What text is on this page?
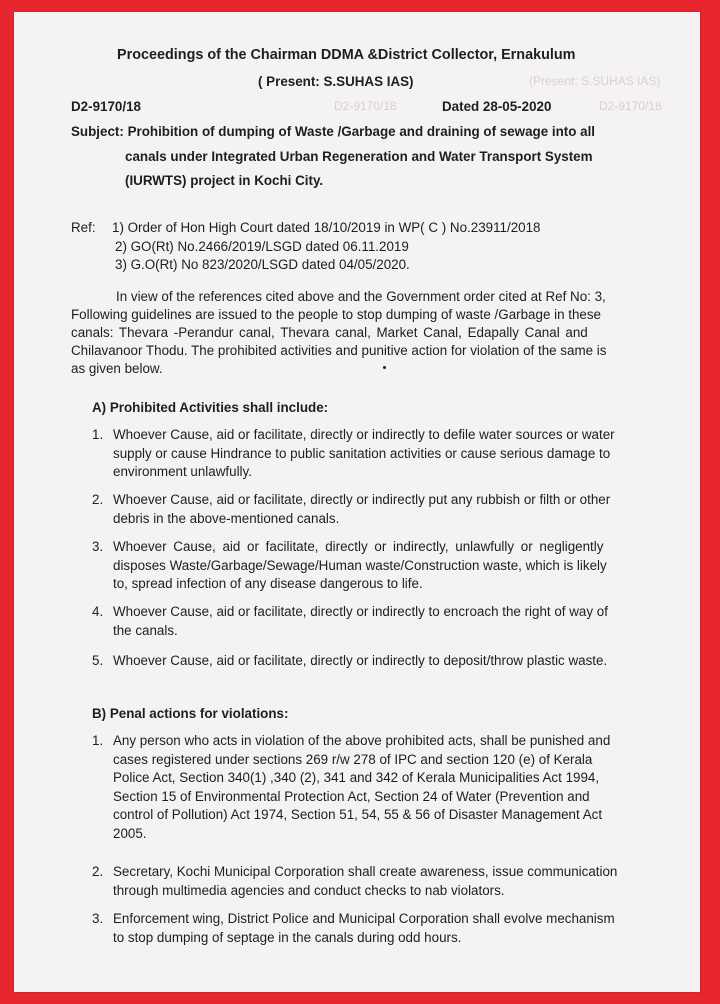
D2-9170/18	D2-9170/18
(Present: S.SUHAS IAS)
Proceedings of the Chairman DDMA &District Collector, Ernakulum
( Present: S.SUHAS IAS)
D2-9170/18	Dated 28-05-2020
Subject: Prohibition of dumping of Waste /Garbage and draining of sewage into all
canals under Integrated Urban Regeneration and Water Transport System
(IURWTS) project in Kochi City.
Ref: 1) Order of Hon High Court dated 18/10/2019 in WP( C ) No.23911/2018
2) GO(Rt) No.2466/2019/LSGD dated 06.11.2019
3) G.O(Rt) No 823/2020/LSGD dated 04/05/2020.
In view of the references cited above and the Government order cited at Ref No: 3,
Following guidelines are issued to the people to stop dumping of waste /Garbage in these
canals: Thevara -Perandur canal, Thevara canal, Market Canal, Edapally Canal and
Chilavanoor Thodu. The prohibited activities and punitive action for violation of the same is
as given below.
A) Prohibited Activities shall include:
1. Whoever Cause, aid or facilitate, directly or indirectly to defile water sources or water
supply or cause Hindrance to public sanitation activities or cause serious damage to
environment unlawfully.
2. Whoever Cause, aid or facilitate, directly or indirectly put any rubbish or filth or other
debris in the above-mentioned canals.
3. Whoever Cause, aid or facilitate, directly or indirectly, unlawfully or negligently
disposes Waste/Garbage/Sewage/Human waste/Construction waste, which is likely
to, spread infection of any disease dangerous to life.
4. Whoever Cause, aid or facilitate, directly or indirectly to encroach the right of way of
the canals.
5. Whoever Cause, aid or facilitate, directly or indirectly to deposit/throw plastic waste.
B) Penal actions for violations:
1. Any person who acts in violation of the above prohibited acts, shall be punished and
cases registered under sections 269 r/w 278 of IPC and section 120 (e) of Kerala
Police Act, Section 340(1) ,340 (2), 341 and 342 of Kerala Municipalities Act 1994,
Section 15 of Environmental Protection Act, Section 24 of Water (Prevention and
control of Pollution) Act 1974, Section 51, 54, 55 & 56 of Disaster Management Act
2005.
2. Secretary, Kochi Municipal Corporation shall create awareness, issue communication
through multimedia agencies and conduct checks to nab violators.
3. Enforcement wing, District Police and Municipal Corporation shall evolve mechanism
to stop dumping of septage in the canals during odd hours.
